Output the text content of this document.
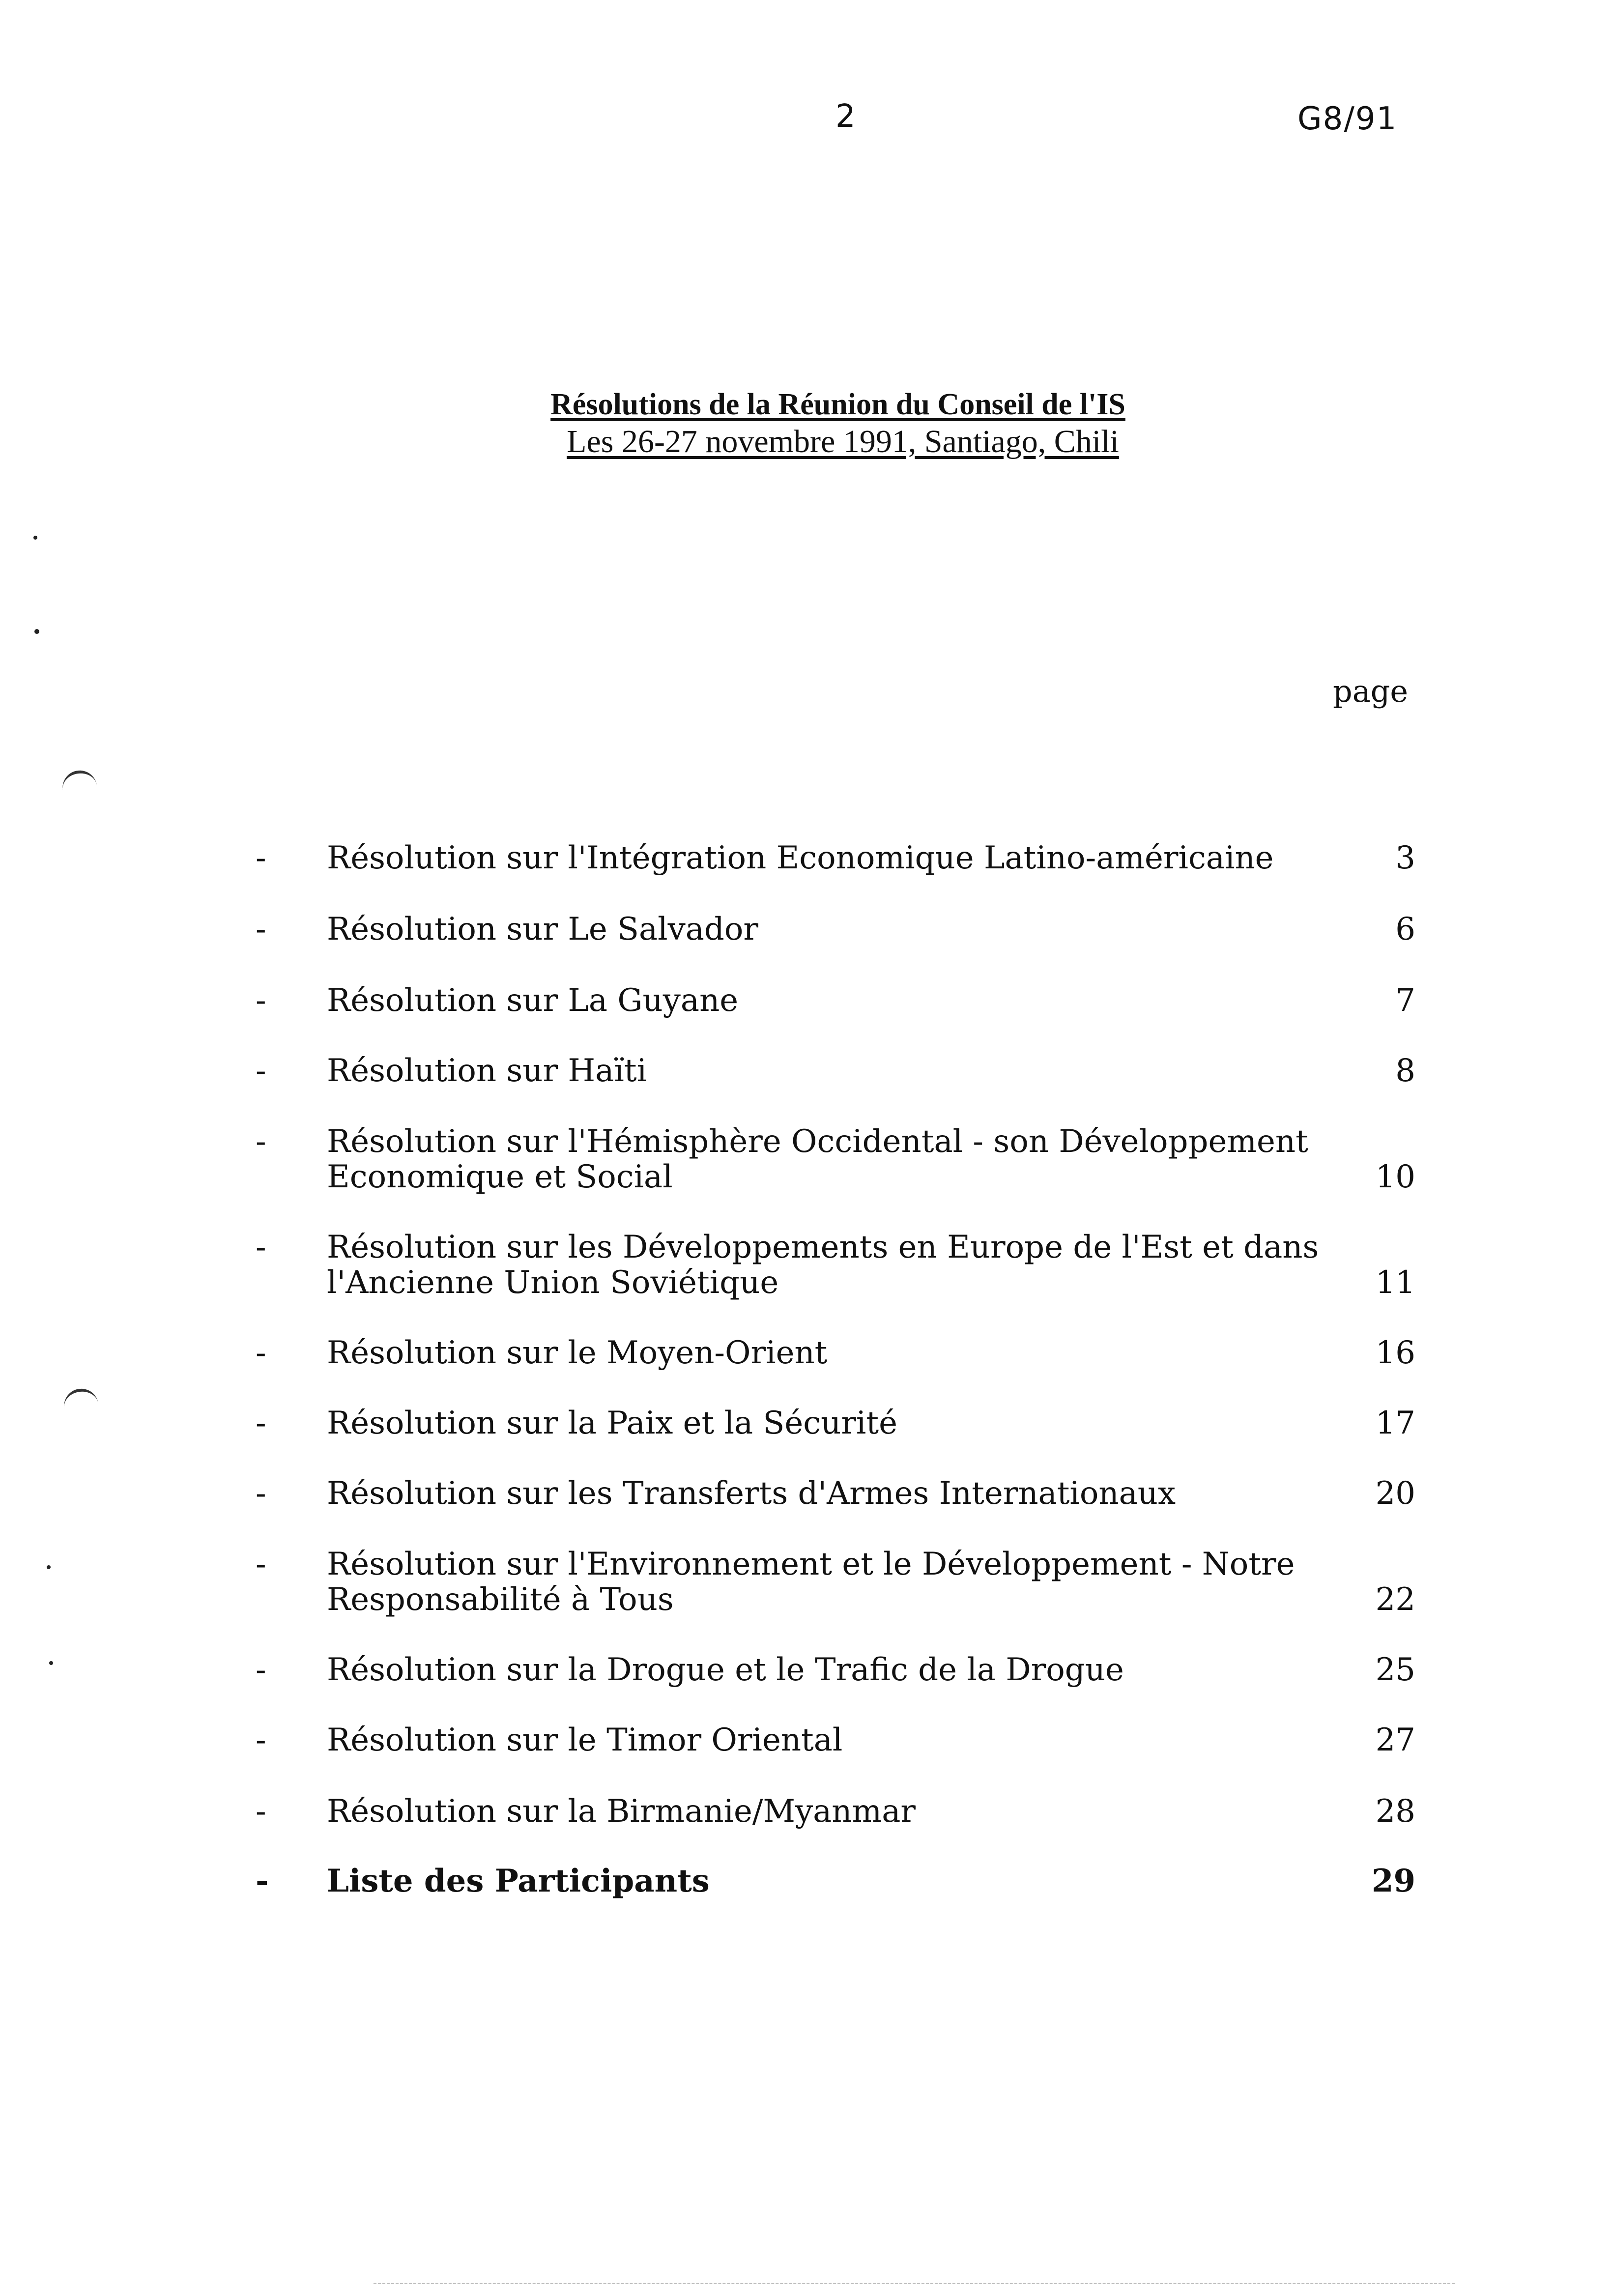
2	G8/91
Résolutions de la Réunion du Conseil de l'IS
Les 26-27 novembre 1991, Santiago, Chili
page
- Résolution sur l'Intégration Economique Latino-américaine	3
- Résolution sur Le Salvador	6
- Résolution sur La Guyane	7
- Résolution sur Haïti	8
- Résolution sur l'Hémisphère Occidental - son Développement Economique et Social	10
- Résolution sur les Développements en Europe de l'Est et dans l'Ancienne Union Soviétique	11
- Résolution sur le Moyen-Orient	16
- Résolution sur la Paix et la Sécurité	17
- Résolution sur les Transferts d'Armes Internationaux	20
- Résolution sur l'Environnement et le Développement - Notre Responsabilité à Tous	22
- Résolution sur la Drogue et le Trafic de la Drogue	25
- Résolution sur le Timor Oriental	27
- Résolution sur la Birmanie/Myanmar	28
- Liste des Participants	29
